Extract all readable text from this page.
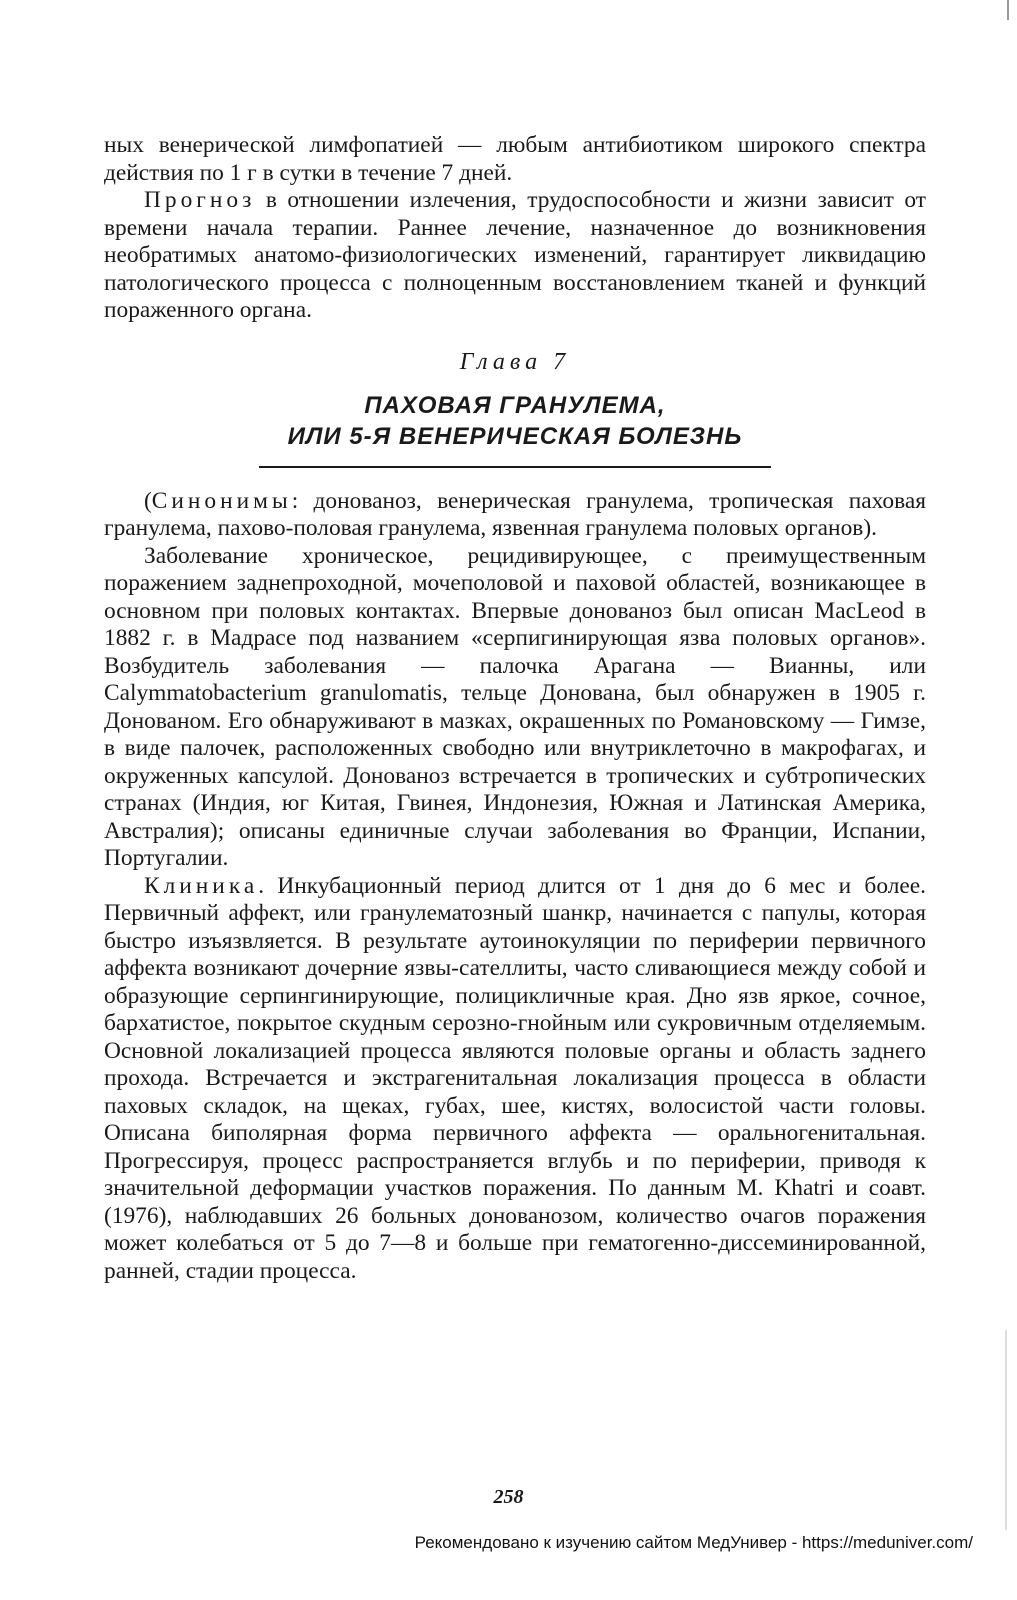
ных венерической лимфопатией — любым антибиотиком широкого спектра действия по 1 г в сутки в течение 7 дней.

Прогноз в отношении излечения, трудоспособности и жизни зависит от времени начала терапии. Раннее лечение, назначенное до возникновения необратимых анатомо-физиологических изменений, гарантирует ликвидацию патологического процесса с полноценным восстановлением тканей и функций пораженного органа.

Глава 7

ПАХОВАЯ ГРАНУЛЕМА,

ИЛИ 5-Я ВЕНЕРИЧЕСКАЯ БОЛЕЗНЬ

(Синонимы: донованоз, венерическая гранулема, тропическая паховая гранулема, пахово-половая гранулема, язвенная гранулема половых органов).

Заболевание хроническое, рецидивирующее, с преимущественным поражением заднепроходной, мочеполовой и паховой областей, возникающее в основном при половых контактах. Впервые донованоз был описан MacLeod в 1882 г. в Мадрасе под названием «серпигинирующая язва половых органов». Возбудитель заболевания — палочка Арагана — Вианны, или Calymmatobacterium granulomatis, тельце Донована, был обнаружен в 1905 г. Донованом. Его обнаруживают в мазках, окрашенных по Романовскому — Гимзе, в виде палочек, расположенных свободно или внутриклеточно в макрофагах, и окруженных капсулой. Донованоз встречается в тропических и субтропических странах (Индия, юг Китая, Гвинея, Индонезия, Южная и Латинская Америка, Австралия); описаны единичные случаи заболевания во Франции, Испании, Португалии.

Клиника. Инкубационный период длится от 1 дня до 6 мес и более. Первичный аффект, или гранулематозный шанкр, начинается с папулы, которая быстро изъязвляется. В результате аутоинокуляции по периферии первичного аффекта возникают дочерние язвы-сателлиты, часто сливающиеся между собой и образующие серпингинирующие, полицикличные края. Дно язв яркое, сочное, бархатистое, покрытое скудным серозно-гнойным или сукровичным отделяемым. Основной локализацией процесса являются половые органы и область заднего прохода. Встречается и экстрагенитальная локализация процесса в области паховых складок, на щеках, губах, шее, кистях, волосистой части головы. Описана биполярная форма первичного аффекта — оральногенитальная. Прогрессируя, процесс распространяется вглубь и по периферии, приводя к значительной деформации участков поражения. По данным M. Khatri и соавт. (1976), наблюдавших 26 больных донованозом, количество очагов поражения может колебаться от 5 до 7—8 и больше при гематогенно-диссеминированной, ранней, стадии процесса.

258
Рекомендовано к изучению сайтом МедУнивер - https://meduniver.com/
